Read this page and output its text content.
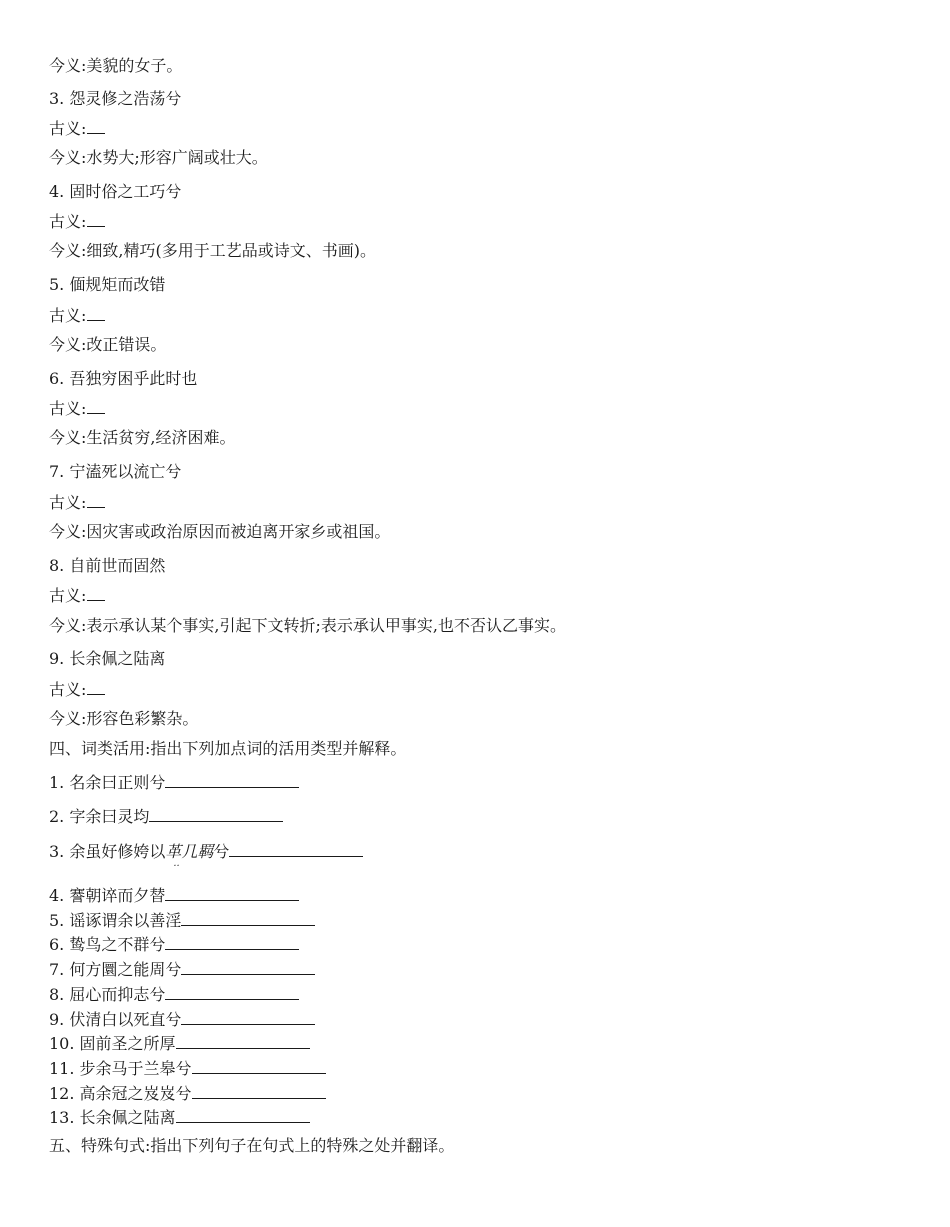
今义:美貌的女子。
3. 怨灵修之浩荡兮
古义:
今义:水势大;形容广阔或壮大。
4. 固时俗之工巧兮
古义:
今义:细致,精巧(多用于工艺品或诗文、书画)。
5. 偭规矩而改错
古义:
今义:改正错误。
6. 吾独穷困乎此时也
古义:
今义:生活贫穷,经济困难。
7. 宁溘死以流亡兮
古义:
今义:因灾害或政治原因而被迫离开家乡或祖国。
8. 自前世而固然
古义:
今义:表示承认某个事实,引起下文转折;表示承认甲事实,也不否认乙事实。
9. 长余佩之陆离
古义:
今义:形容色彩繁杂。
四、词类活用:指出下列加点词的活用类型并解释。
1. 名余曰正则兮
2. 字余曰灵均
3. 余虽好修姱以革几羁
··
兮
4. 謇朝谇而夕替
5. 谣诼谓余以善淫
6. 鸷鸟之不群兮
7. 何方圜之能周兮
8. 屈心而抑志兮
9. 伏清白以死直兮
10. 固前圣之所厚
11. 步余马于兰皋兮
12. 高余冠之岌岌兮
13. 长余佩之陆离
五、特殊句式:指出下列句子在句式上的特殊之处并翻译。
